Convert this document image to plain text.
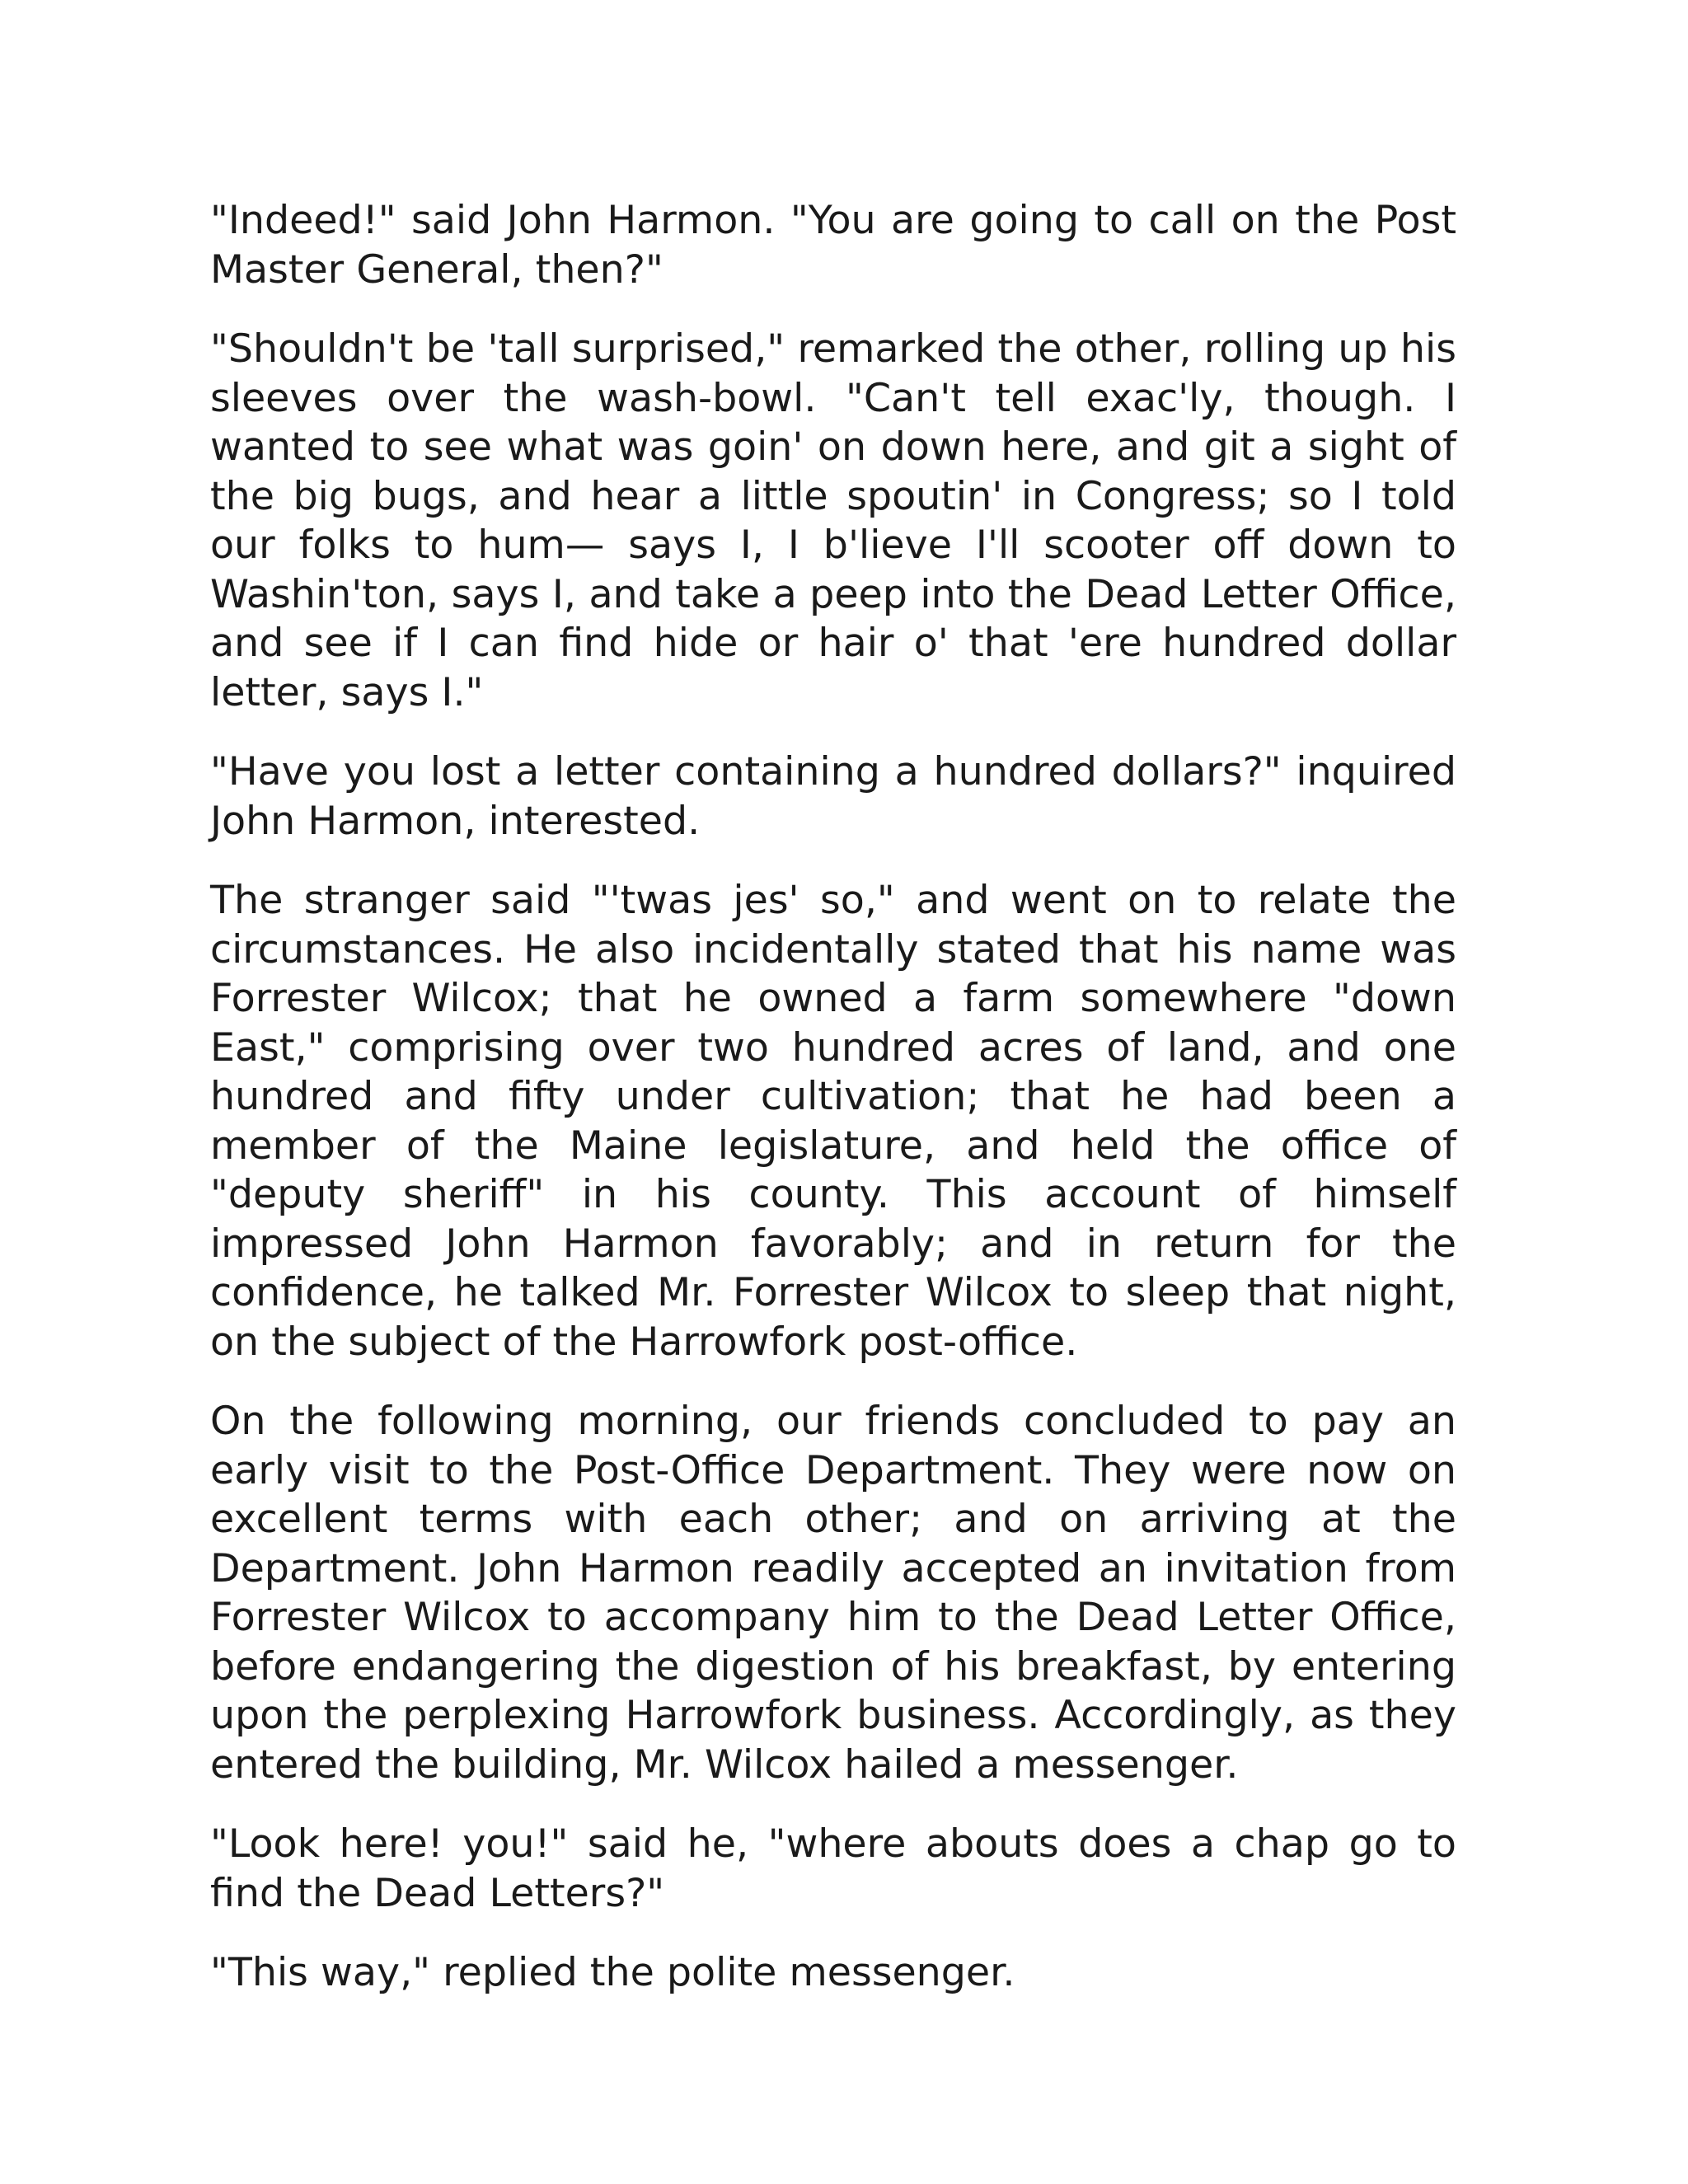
"Indeed!" said John Harmon. "You are going to call on the Post Master General, then?"

"Shouldn't be 'tall surprised," remarked the other, rolling up his sleeves over the wash-bowl. "Can't tell exac'ly, though. I wanted to see what was goin' on down here, and git a sight of the big bugs, and hear a little spoutin' in Congress; so I told our folks to hum— says I, I b'lieve I'll scooter off down to Washin'ton, says I, and take a peep into the Dead Letter Office, and see if I can find hide or hair o' that 'ere hundred dollar letter, says I."

"Have you lost a letter containing a hundred dollars?" inquired John Harmon, interested.

The stranger said "'twas jes' so," and went on to relate the circumstances. He also incidentally stated that his name was Forrester Wilcox; that he owned a farm somewhere "down East," comprising over two hundred acres of land, and one hundred and fifty under cultivation; that he had been a member of the Maine legislature, and held the office of "deputy sheriff" in his county. This account of himself impressed John Harmon favorably; and in return for the confidence, he talked Mr. Forrester Wilcox to sleep that night, on the subject of the Harrowfork post-office.

On the following morning, our friends concluded to pay an early visit to the Post-Office Department. They were now on excellent terms with each other; and on arriving at the Department. John Harmon readily accepted an invitation from Forrester Wilcox to accompany him to the Dead Letter Office, before endangering the digestion of his breakfast, by entering upon the perplexing Harrowfork business. Accordingly, as they entered the building, Mr. Wilcox hailed a messenger.

"Look here! you!" said he, "where abouts does a chap go to find the Dead Letters?"

"This way," replied the polite messenger.
